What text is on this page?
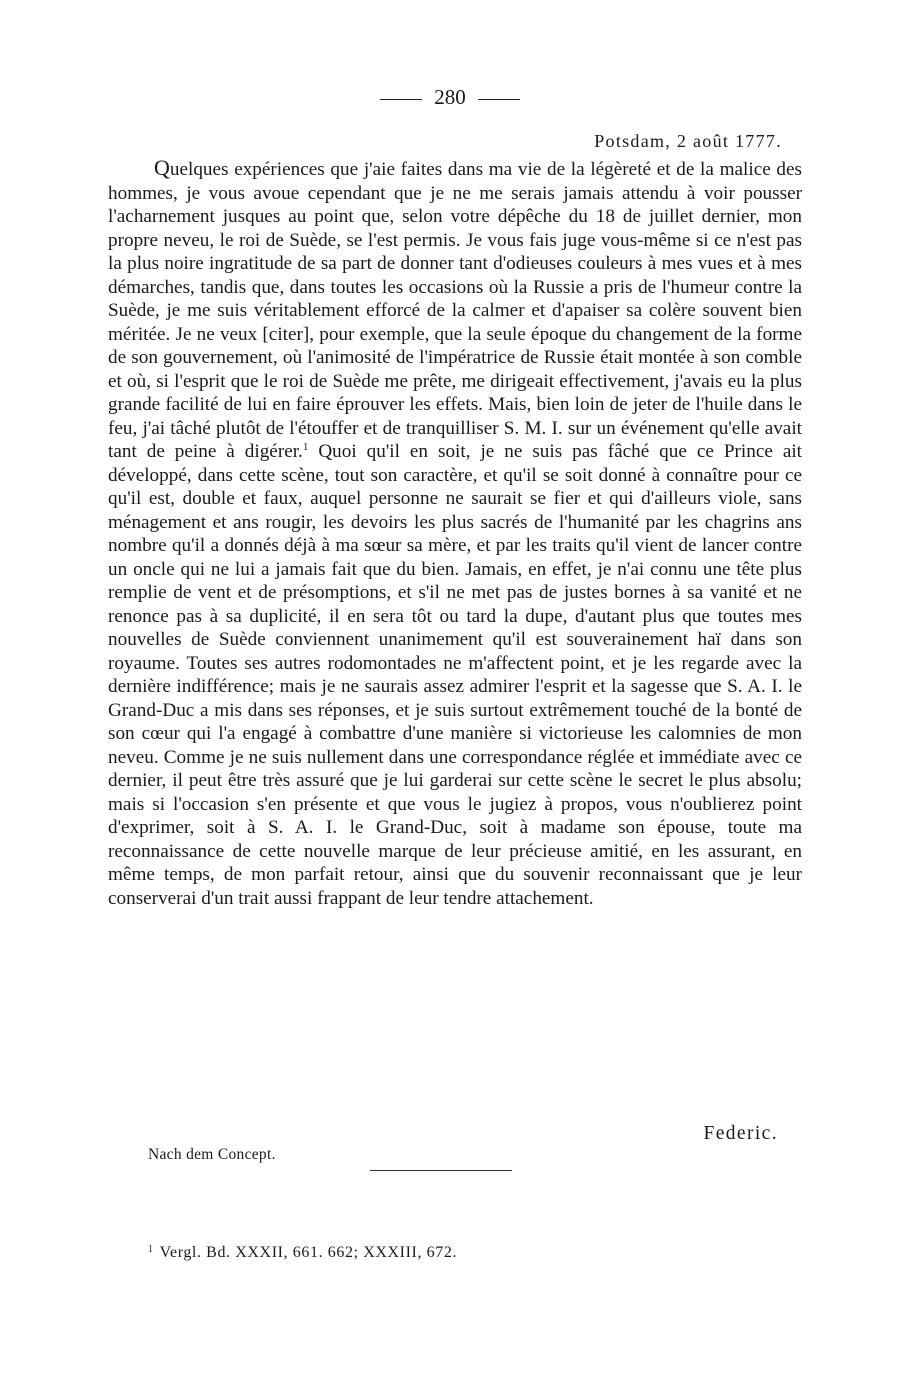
280
Potsdam, 2 août 1777.

Quelques expériences que j'aie faites dans ma vie de la légèreté et de la malice des hommes, je vous avoue cependant que je ne me serais jamais attendu à voir pousser l'acharnement jusques au point que, selon votre dépêche du 18 de juillet dernier, mon propre neveu, le roi de Suède, se l'est permis. Je vous fais juge vous-même si ce n'est pas la plus noire ingratitude de sa part de donner tant d'odieuses couleurs à mes vues et à mes démarches, tandis que, dans toutes les occasions où la Russie a pris de l'humeur contre la Suède, je me suis véritablement efforcé de la calmer et d'apaiser sa colère souvent bien méritée. Je ne veux [citer], pour exemple, que la seule époque du changement de la forme de son gouvernement, où l'animosité de l'impératrice de Russie était montée à son comble et où, si l'esprit que le roi de Suède me prête, me dirigeait effectivement, j'avais eu la plus grande facilité de lui en faire éprouver les effets. Mais, bien loin de jeter de l'huile dans le feu, j'ai tâché plutôt de l'étouffer et de tranquilliser S. M. I. sur un événement qu'elle avait tant de peine à digérer.$^1$ Quoi qu'il en soit, je ne suis pas fâché que ce Prince ait développé, dans cette scène, tout son caractère, et qu'il se soit donné à connaître pour ce qu'il est, double et faux, auquel personne ne saurait se fier et qui d'ailleurs viole, sans ménagement et ans rougir, les devoirs les plus sacrés de l'humanité par les chagrins ans nombre qu'il a donnés déjà à ma sœur sa mère, et par les traits qu'il vient de lancer contre un oncle qui ne lui a jamais fait que du bien. Jamais, en effet, je n'ai connu une tête plus remplie de vent et de présomptions, et s'il ne met pas de justes bornes à sa vanité et ne renonce pas à sa duplicité, il en sera tôt ou tard la dupe, d'autant plus que toutes mes nouvelles de Suède conviennent unanimement qu'il est souverainement haï dans son royaume. Toutes ses autres rodomontades ne m'affectent point, et je les regarde avec la dernière indifférence; mais je ne saurais assez admirer l'esprit et la sagesse que S. A. I. le Grand-Duc a mis dans ses réponses, et je suis surtout extrêmement touché de la bonté de son cœur qui l'a engagé à combattre d'une manière si victorieuse les calomnies de mon neveu. Comme je ne suis nullement dans une correspondance réglée et immédiate avec ce dernier, il peut être très assuré que je lui garderai sur cette scène le secret le plus absolu; mais si l'occasion s'en présente et que vous le jugiez à propos, vous n'oublierez point d'exprimer, soit à S. A. I. le Grand-Duc, soit à madame son épouse, toute ma reconnaissance de cette nouvelle marque de leur précieuse amitié, en les assurant, en même temps, de mon parfait retour, ainsi que du souvenir reconnaissant que je leur conserverai d'un trait aussi frappant de leur tendre attachement.

Federic.
Nach dem Concept.
$^1$ Vergl. Bd. XXXII, 661. 662; XXXIII, 672.
